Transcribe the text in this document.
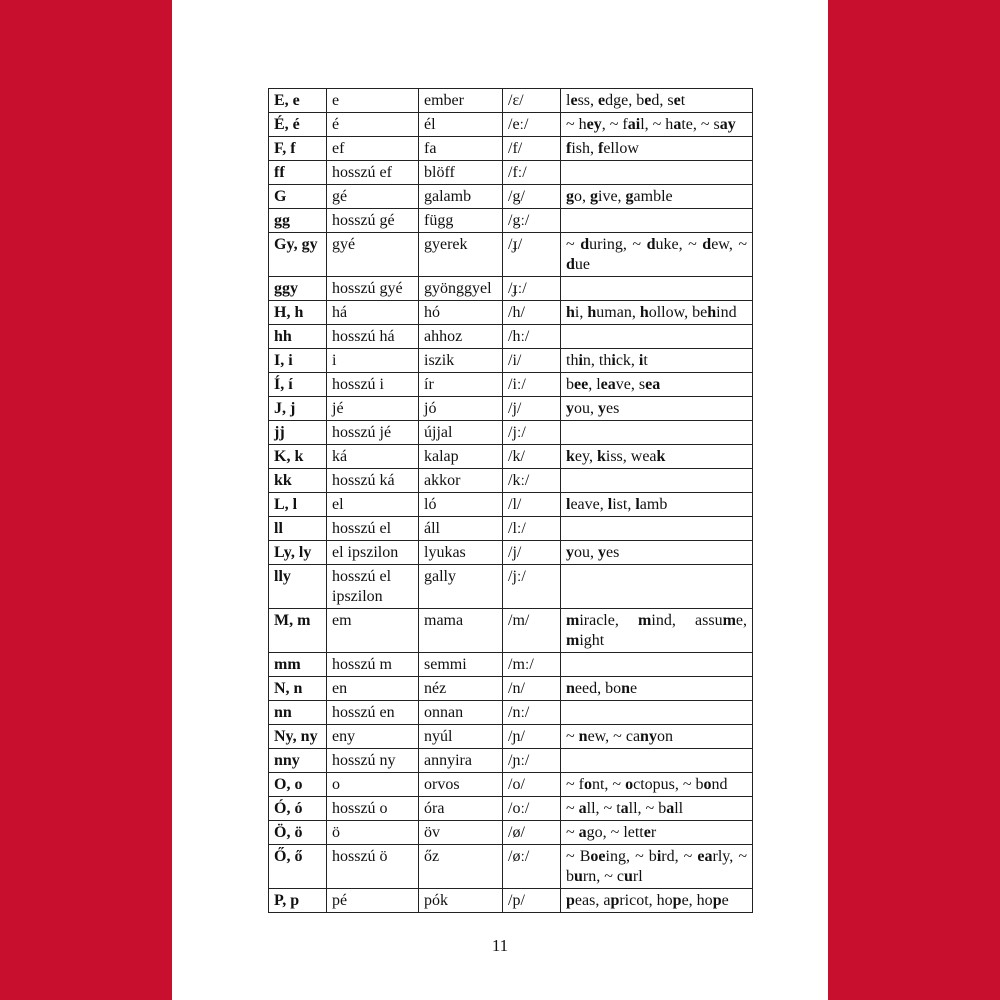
E, e	e	ember	/ɛ/	less, edge, bed, set
É, é	é	él	/eː/	~ hey, ~ fail, ~ hate, ~ say
F, f	ef	fa	/f/	fish, fellow
ff	hosszú ef	blöff	/fː/	
G	gé	galamb	/g/	go, give, gamble
gg	hosszú gé	függ	/gː/	
Gy, gy	gyé	gyerek	/ɟ/	~ during, ~ duke, ~ dew, ~ due
ggy	hosszú gyé	gyönggyel	/ɟː/	
H, h	há	hó	/h/	hi, human, hollow, behind
hh	hosszú há	ahhoz	/hː/	
I, i	i	iszik	/i/	thin, thick, it
Í, í	hosszú i	ír	/iː/	bee, leave, sea
J, j	jé	jó	/j/	you, yes
jj	hosszú jé	újjal	/jː/	
K, k	ká	kalap	/k/	key, kiss, weak
kk	hosszú ká	akkor	/kː/	
L, l	el	ló	/l/	leave, list, lamb
ll	hosszú el	áll	/lː/	
Ly, ly	el ipszilon	lyukas	/j/	you, yes
lly	hosszú el ipszilon	gally	/jː/	
M, m	em	mama	/m/	miracle, mind, assume, might
mm	hosszú m	semmi	/mː/	
N, n	en	néz	/n/	need, bone
nn	hosszú en	onnan	/nː/	
Ny, ny	eny	nyúl	/ɲ/	~ new, ~ canyon
nny	hosszú ny	annyira	/ɲː/	
O, o	o	orvos	/o/	~ font, ~ octopus, ~ bond
Ó, ó	hosszú o	óra	/oː/	~ all, ~ tall, ~ ball
Ö, ö	ö	öv	/ø/	~ ago, ~ letter
Ő, ő	hosszú ö	őz	/øː/	~ Boeing, ~ bird, ~ early, ~ burn, ~ curl
P, p	pé	pók	/p/	peas, apricot, hope, hope
11
